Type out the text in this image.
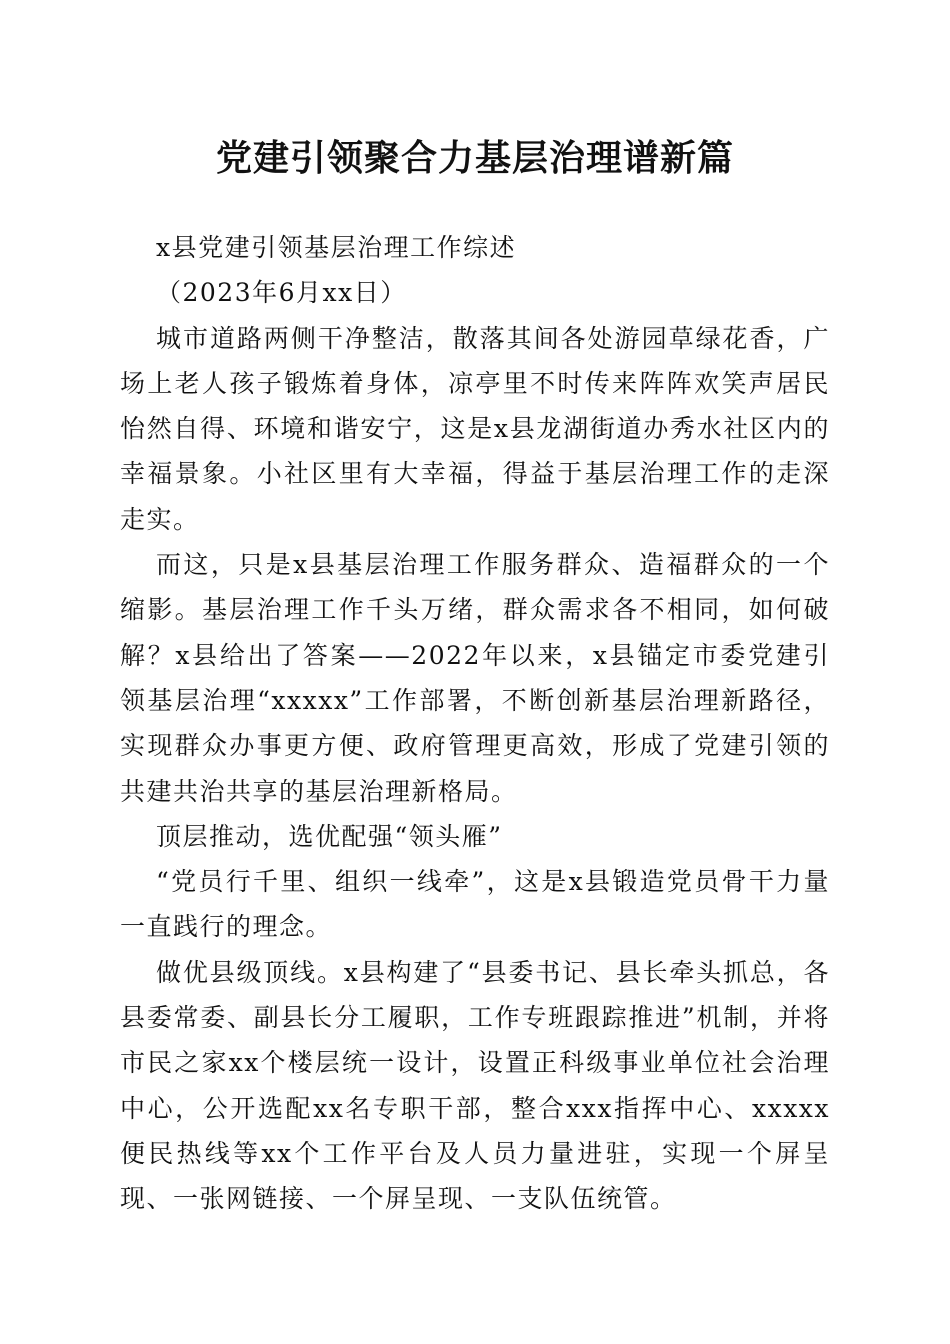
党建引领聚合力基层治理谱新篇

x县党建引领基层治理工作综述

（2023年6月xx日）

城市道路两侧干净整洁，散落其间各处游园草绿花香，广场上老人孩子锻炼着身体，凉亭里不时传来阵阵欢笑声居民怡然自得、环境和谐安宁，这是x县龙湖街道办秀水社区内的幸福景象。小社区里有大幸福，得益于基层治理工作的走深走实。

而这，只是x县基层治理工作服务群众、造福群众的一个缩影。基层治理工作千头万绪，群众需求各不相同，如何破解？x县给出了答案——2022年以来，x县锚定市委党建引领基层治理“xxxxx”工作部署，不断创新基层治理新路径，实现群众办事更方便、政府管理更高效，形成了党建引领的共建共治共享的基层治理新格局。

顶层推动，选优配强“领头雁”

“党员行千里、组织一线牵”，这是x县锻造党员骨干力量一直践行的理念。

做优县级顶线。x县构建了“县委书记、县长牵头抓总，各县委常委、副县长分工履职，工作专班跟踪推进”机制，并将市民之家xx个楼层统一设计，设置正科级事业单位社会治理中心，公开选配xx名专职干部，整合xxx指挥中心、xxxxx便民热线等xx个工作平台及人员力量进驻，实现一个屏呈现、一张网链接、一个屏呈现、一支队伍统管。
